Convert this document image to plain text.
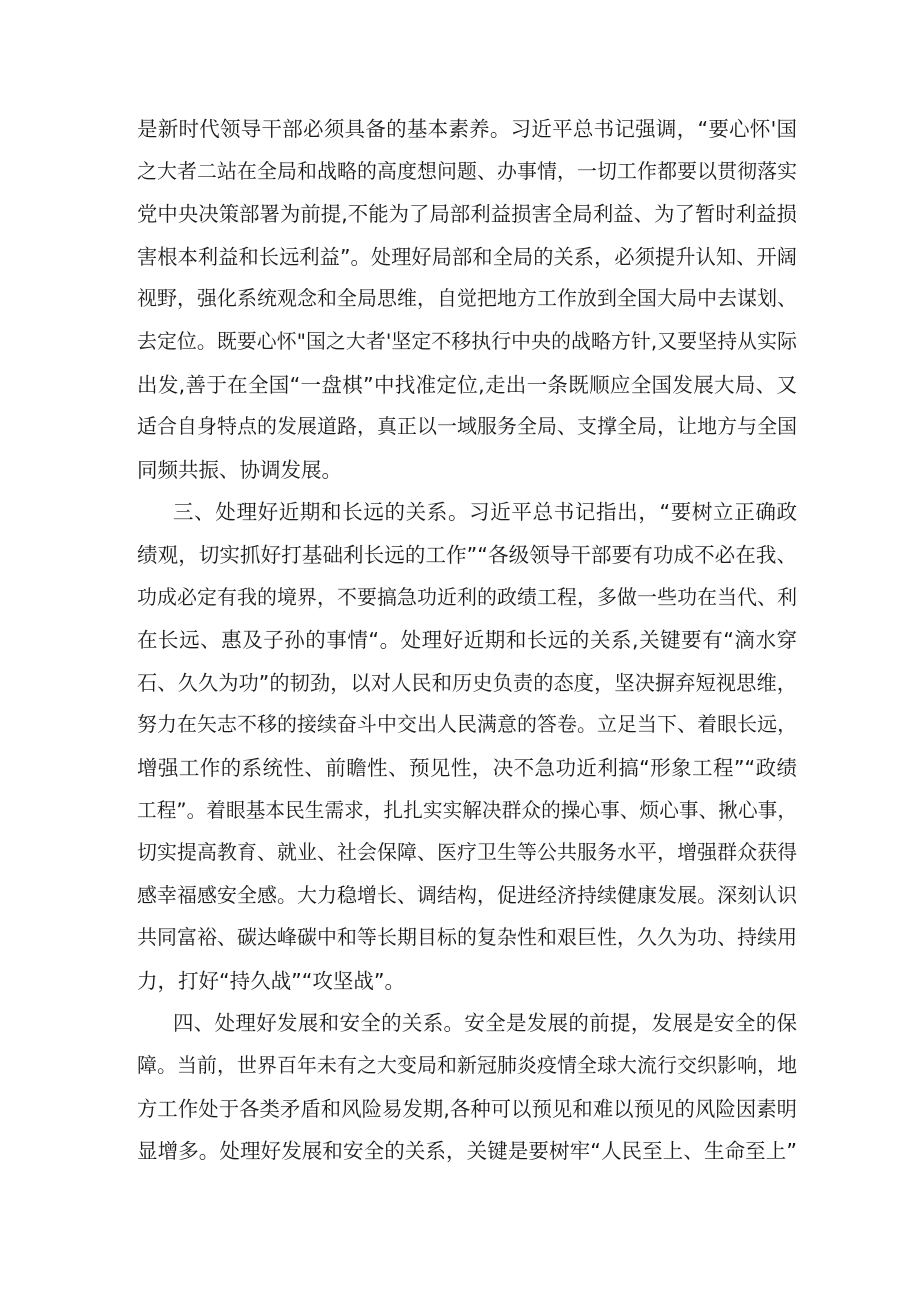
是新时代领导干部必须具备的基本素养。习近平总书记强调，“要心怀'国
之大者二站在全局和战略的高度想问题、办事情，一切工作都要以贯彻落实
党中央决策部署为前提,不能为了局部利益损害全局利益、为了暂时利益损
害根本利益和长远利益”。处理好局部和全局的关系，必须提升认知、开阔
视野，强化系统观念和全局思维，自觉把地方工作放到全国大局中去谋划、
去定位。既要心怀"国之大者'坚定不移执行中央的战略方针,又要坚持从实际
出发,善于在全国“一盘棋”中找准定位,走出一条既顺应全国发展大局、又
适合自身特点的发展道路，真正以一域服务全局、支撑全局，让地方与全国
同频共振、协调发展。
三、处理好近期和长远的关系。习近平总书记指出，“要树立正确政
绩观，切实抓好打基础利长远的工作”“各级领导干部要有功成不必在我、
功成必定有我的境界，不要搞急功近利的政绩工程，多做一些功在当代、利
在长远、惠及子孙的事情“。处理好近期和长远的关系,关键要有“滴水穿
石、久久为功”的韧劲，以对人民和历史负责的态度，坚决摒弃短视思维，
努力在矢志不移的接续奋斗中交出人民满意的答卷。立足当下、着眼长远，
增强工作的系统性、前瞻性、预见性，决不急功近利搞“形象工程”“政绩
工程”。着眼基本民生需求，扎扎实实解决群众的操心事、烦心事、揪心事，
切实提高教育、就业、社会保障、医疗卫生等公共服务水平，增强群众获得
感幸福感安全感。大力稳增长、调结构，促进经济持续健康发展。深刻认识
共同富裕、碳达峰碳中和等长期目标的复杂性和艰巨性，久久为功、持续用
力，打好“持久战”“攻坚战”。
四、处理好发展和安全的关系。安全是发展的前提，发展是安全的保
障。当前，世界百年未有之大变局和新冠肺炎疫情全球大流行交织影响，地
方工作处于各类矛盾和风险易发期,各种可以预见和难以预见的风险因素明
显增多。处理好发展和安全的关系，关键是要树牢“人民至上、生命至上”
